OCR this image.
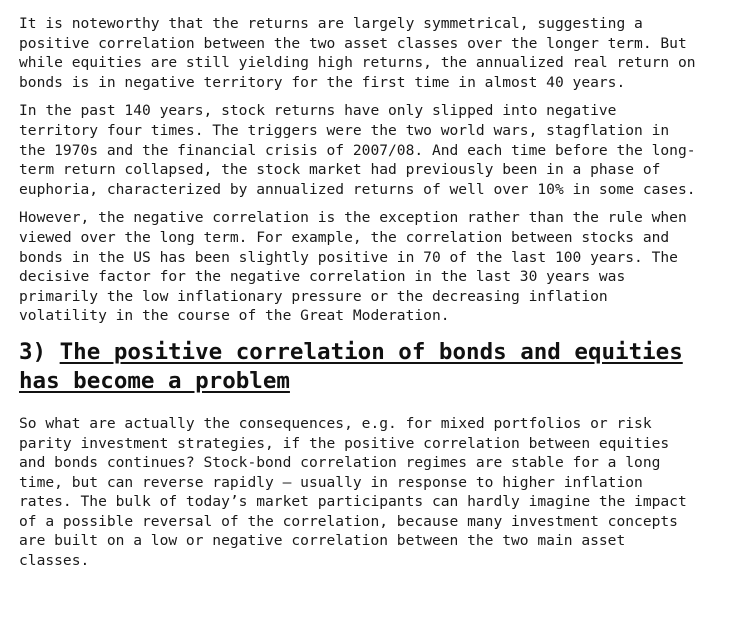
It is noteworthy that the returns are largely symmetrical, suggesting a
positive correlation between the two asset classes over the longer term. But
while equities are still yielding high returns, the annualized real return on
bonds is in negative territory for the first time in almost 40 years.

In the past 140 years, stock returns have only slipped into negative
territory four times. The triggers were the two world wars, stagflation in
the 1970s and the financial crisis of 2007/08. And each time before the long-
term return collapsed, the stock market had previously been in a phase of
euphoria, characterized by annualized returns of well over 10% in some cases.

However, the negative correlation is the exception rather than the rule when
viewed over the long term. For example, the correlation between stocks and
bonds in the US has been slightly positive in 70 of the last 100 years. The
decisive factor for the negative correlation in the last 30 years was
primarily the low inflationary pressure or the decreasing inflation
volatility in the course of the Great Moderation.

3) The positive correlation of bonds and equities
has become a problem

So what are actually the consequences, e.g. for mixed portfolios or risk
parity investment strategies, if the positive correlation between equities
and bonds continues? Stock-bond correlation regimes are stable for a long
time, but can reverse rapidly – usually in response to higher inflation
rates. The bulk of today’s market participants can hardly imagine the impact
of a possible reversal of the correlation, because many investment concepts
are built on a low or negative correlation between the two main asset
classes.
